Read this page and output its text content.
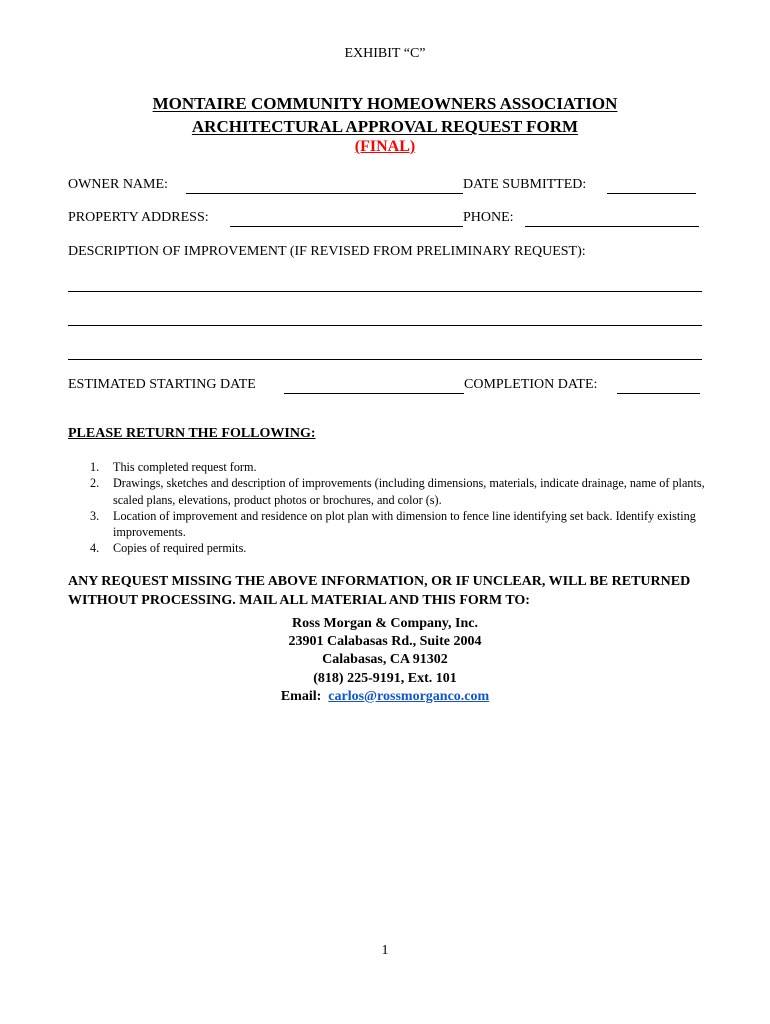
EXHIBIT “C”
MONTAIRE COMMUNITY HOMEOWNERS ASSOCIATION
ARCHITECTURAL APPROVAL REQUEST FORM
(FINAL)
OWNER NAME:	DATE SUBMITTED:
PROPERTY ADDRESS:	PHONE:
DESCRIPTION OF IMPROVEMENT (IF REVISED FROM PRELIMINARY REQUEST):
ESTIMATED STARTING DATE	COMPLETION DATE:
PLEASE RETURN THE FOLLOWING:
1. This completed request form.
2. Drawings, sketches and description of improvements (including dimensions, materials, indicate drainage, name of plants, scaled plans, elevations, product photos or brochures, and color (s).
3. Location of improvement and residence on plot plan with dimension to fence line identifying set back. Identify existing improvements.
4. Copies of required permits.
ANY REQUEST MISSING THE ABOVE INFORMATION, OR IF UNCLEAR, WILL BE RETURNED WITHOUT PROCESSING. MAIL ALL MATERIAL AND THIS FORM TO:
Ross Morgan & Company, Inc.
23901 Calabasas Rd., Suite 2004
Calabasas, CA 91302
(818) 225-9191, Ext. 101
Email:  carlos@rossmorganco.com
1
